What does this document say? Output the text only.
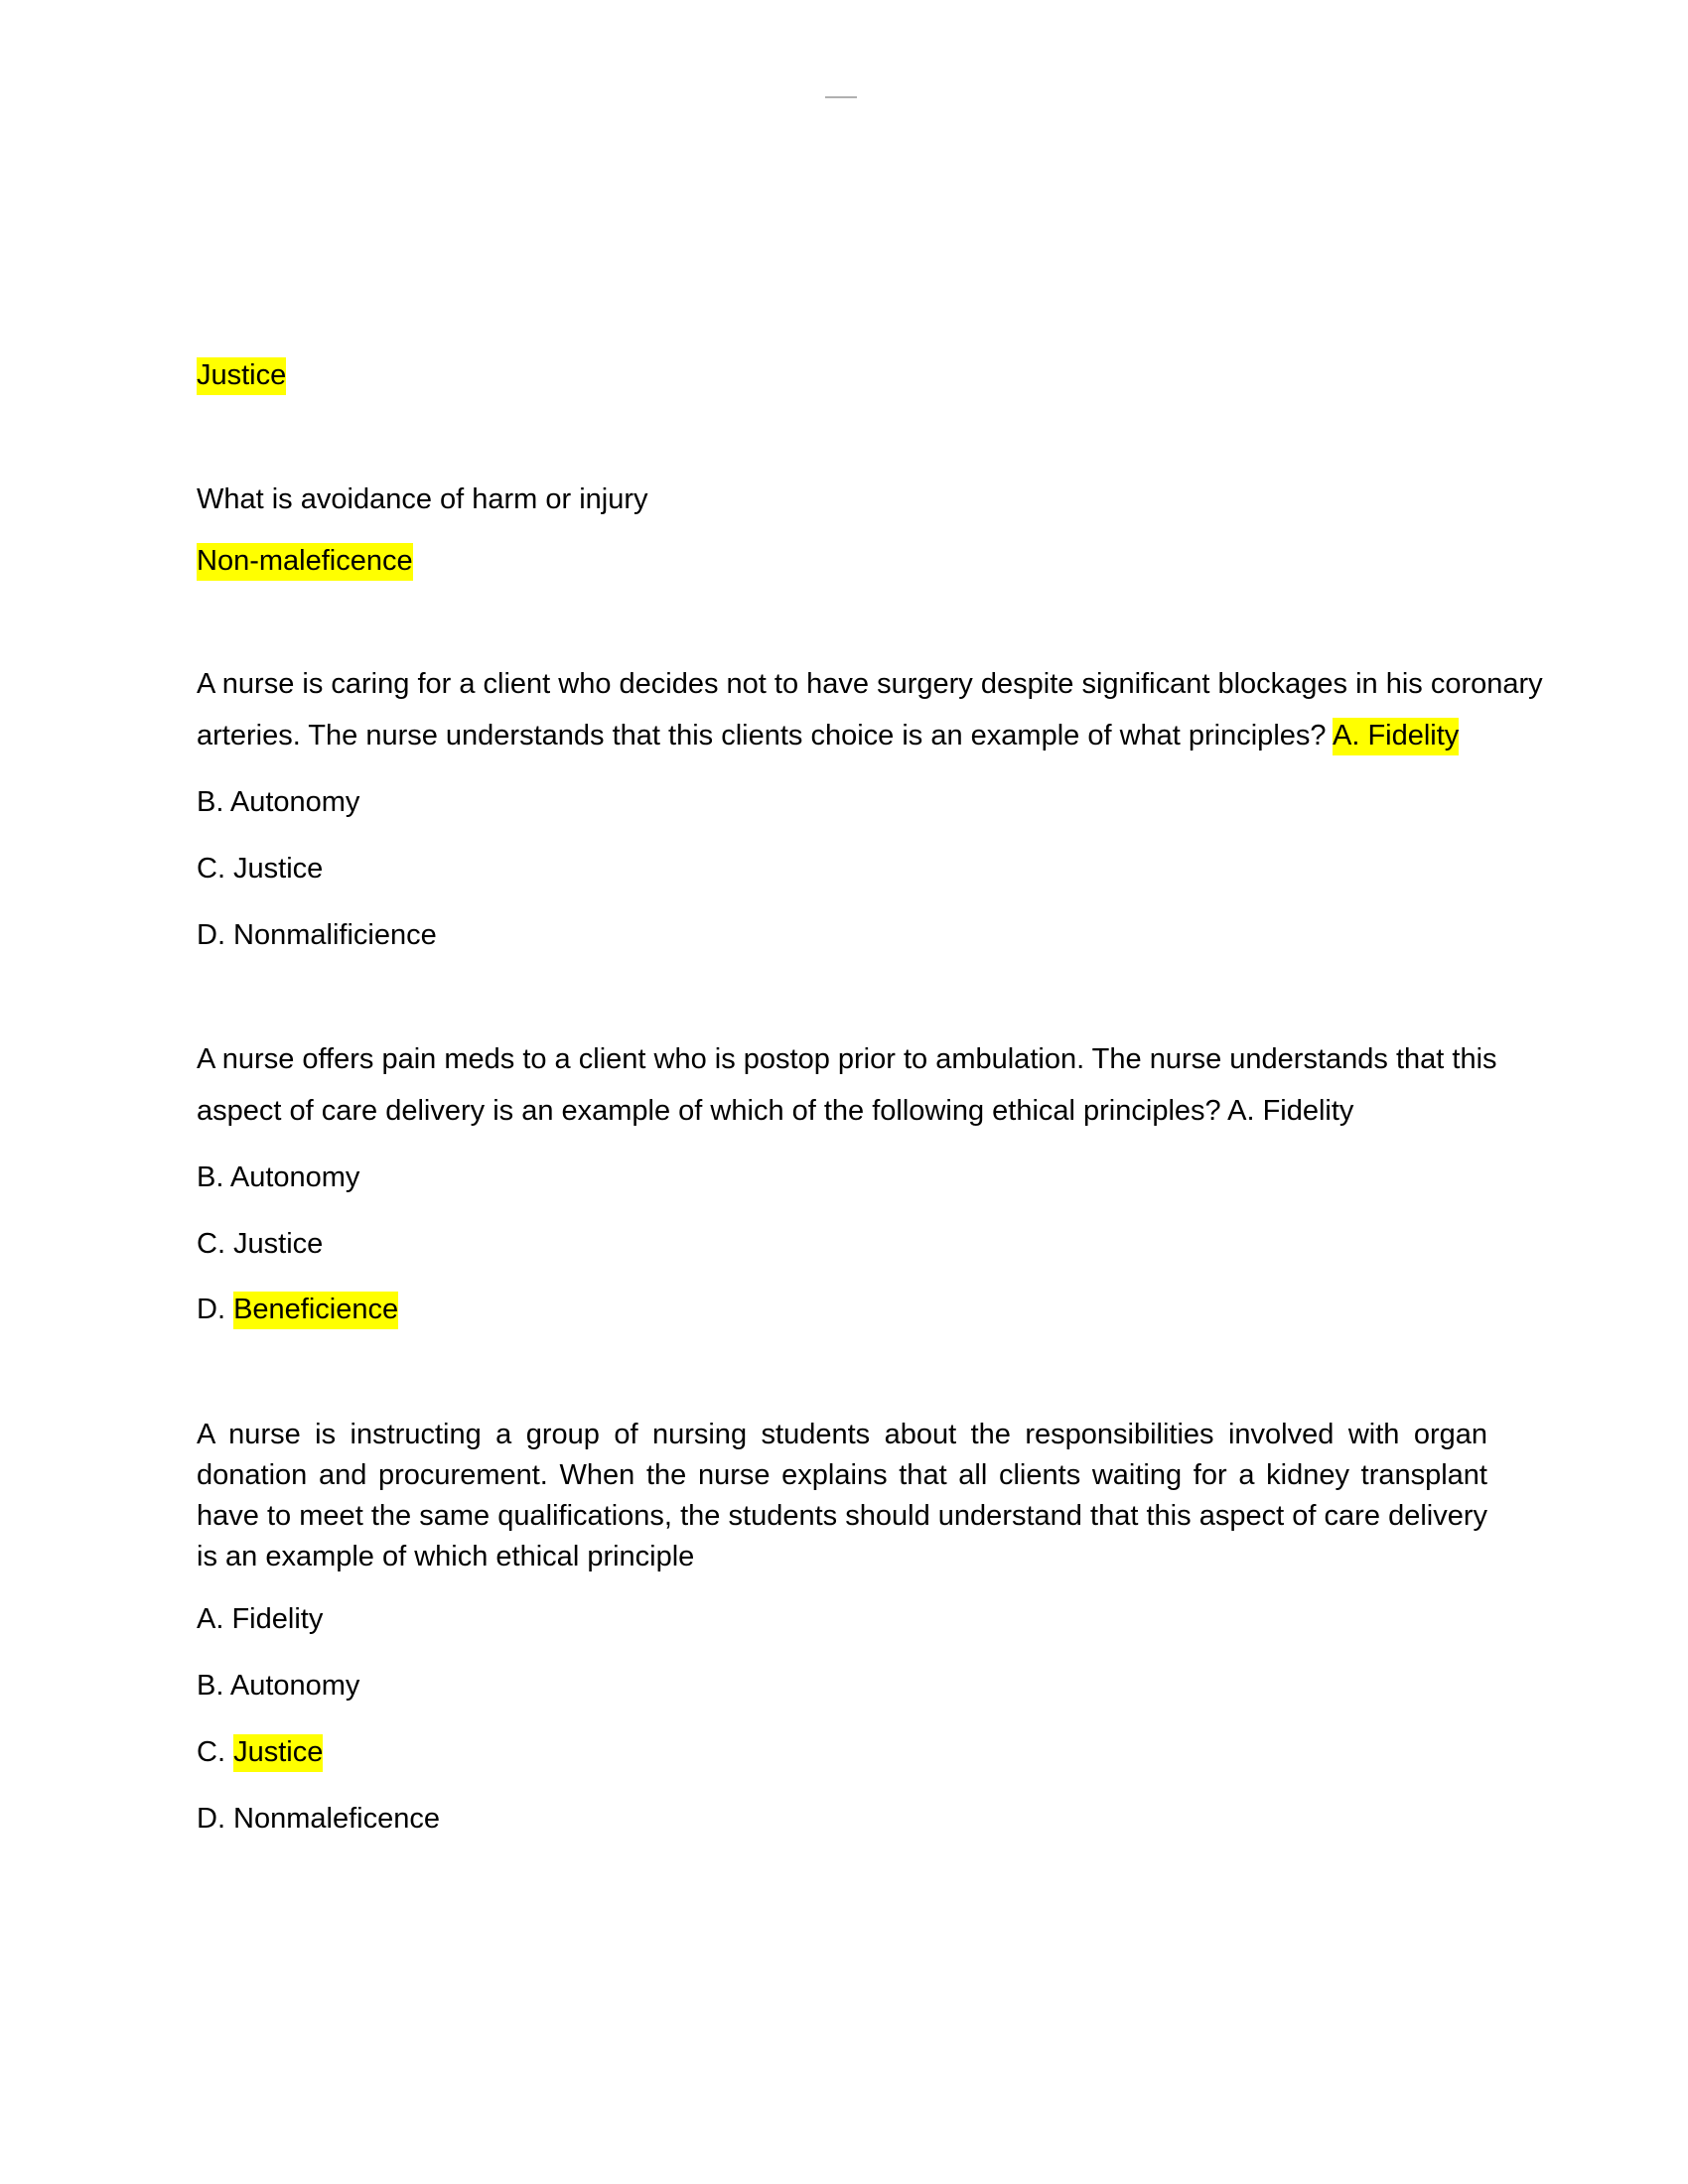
Justice
What is avoidance of harm or injury
Non-maleficence
A nurse is caring for a client who decides not to have surgery despite significant blockages in his coronary
arteries. The nurse understands that this clients choice is an example of what principles? A. Fidelity
B. Autonomy
C. Justice
D. Nonmalificience
A nurse offers pain meds to a client who is postop prior to ambulation. The nurse understands that this
aspect of care delivery is an example of which of the following ethical principles? A. Fidelity
B. Autonomy
C. Justice
D. Beneficience
A nurse is instructing a group of nursing students about the responsibilities involved with organ donation and procurement. When the nurse explains that all clients waiting for a kidney transplant have to meet the same qualifications, the students should understand that this aspect of care delivery is an example of which ethical principle
A. Fidelity
B. Autonomy
C. Justice
D. Nonmaleficence
